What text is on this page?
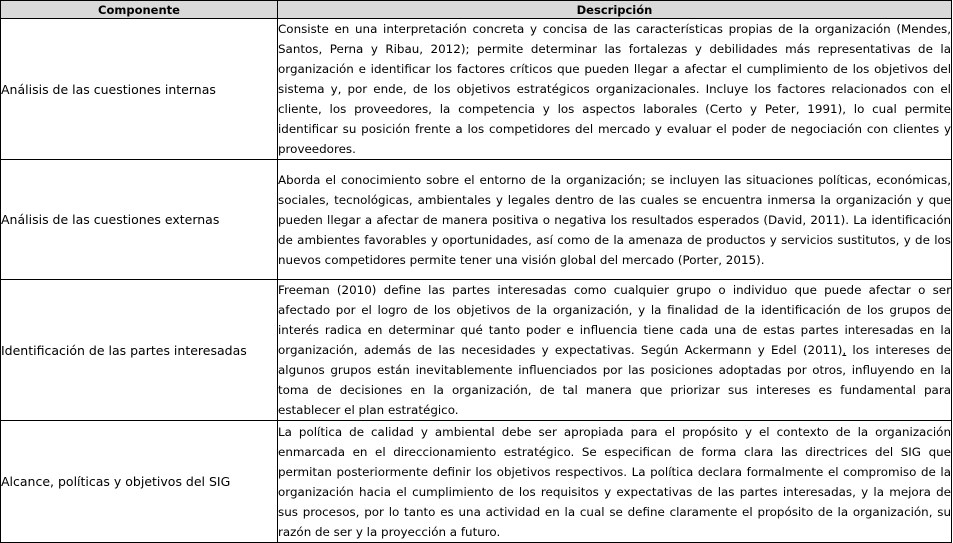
Componente	Descripción
Análisis de las cuestiones internas	Consiste en una interpretación concreta y concisa de las características propias de la organización (Mendes, Santos, Perna y Ribau, 2012); permite determinar las fortalezas y debilidades más representativas de la organización e identificar los factores críticos que pueden llegar a afectar el cumplimiento de los objetivos del sistema y, por ende, de los objetivos estratégicos organizacionales. Incluye los factores relacionados con el cliente, los proveedores, la competencia y los aspectos laborales (Certo y Peter, 1991), lo cual permite identificar su posición frente a los competidores del mercado y evaluar el poder de negociación con clientes y proveedores.
Análisis de las cuestiones externas	Aborda el conocimiento sobre el entorno de la organización; se incluyen las situaciones políticas, económicas, sociales, tecnológicas, ambientales y legales dentro de las cuales se encuentra inmersa la organización y que pueden llegar a afectar de manera positiva o negativa los resultados esperados (David, 2011). La identificación de ambientes favorables y oportunidades, así como de la amenaza de productos y servicios sustitutos, y de los nuevos competidores permite tener una visión global del mercado (Porter, 2015).
Identificación de las partes interesadas	Freeman (2010) define las partes interesadas como cualquier grupo o individuo que puede afectar o ser afectado por el logro de los objetivos de la organización, y la finalidad de la identificación de los grupos de interés radica en determinar qué tanto poder e influencia tiene cada una de estas partes interesadas en la organización, además de las necesidades y expectativas. Según Ackermann y Edel (2011), los intereses de algunos grupos están inevitablemente influenciados por las posiciones adoptadas por otros, influyendo en la toma de decisiones en la organización, de tal manera que priorizar sus intereses es fundamental para establecer el plan estratégico.
Alcance, políticas y objetivos del SIG	La política de calidad y ambiental debe ser apropiada para el propósito y el contexto de la organización enmarcada en el direccionamiento estratégico. Se especifican de forma clara las directrices del SIG que permitan posteriormente definir los objetivos respectivos. La política declara formalmente el compromiso de la organización hacia el cumplimiento de los requisitos y expectativas de las partes interesadas, y la mejora de sus procesos, por lo tanto es una actividad en la cual se define claramente el propósito de la organización, su razón de ser y la proyección a futuro.
